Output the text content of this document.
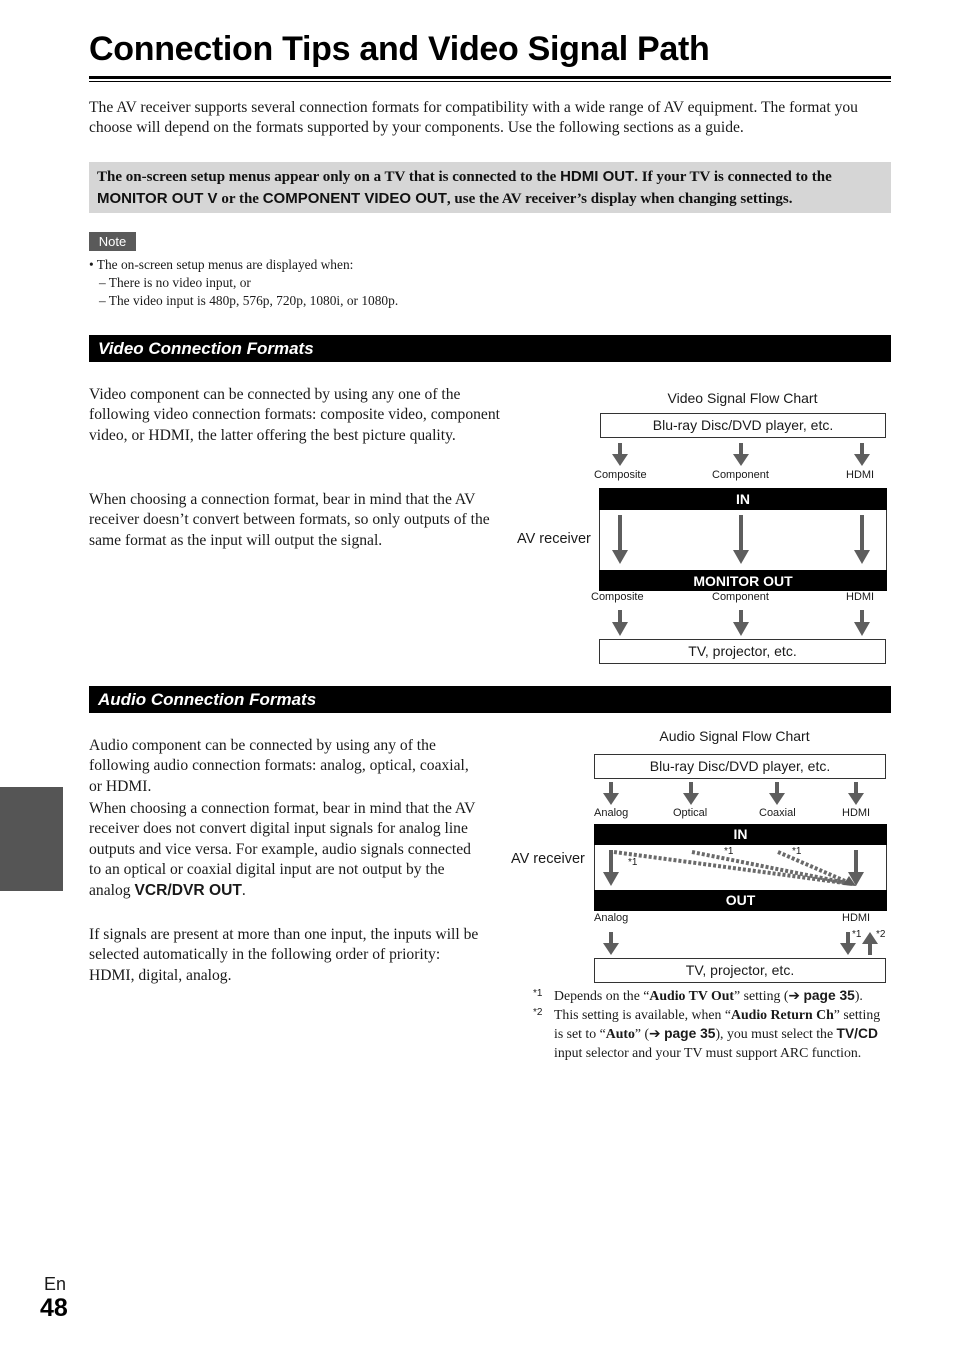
Connection Tips and Video Signal Path
The AV receiver supports several connection formats for compatibility with a wide range of AV equipment. The format you choose will depend on the formats supported by your components. Use the following sections as a guide.
The on-screen setup menus appear only on a TV that is connected to the HDMI OUT. If your TV is connected to the MONITOR OUT V or the COMPONENT VIDEO OUT, use the AV receiver’s display when changing settings.
Note
• The on-screen setup menus are displayed when:
– There is no video input, or
– The video input is 480p, 576p, 720p, 1080i, or 1080p.
Video Connection Formats
Video component can be connected by using any one of the following video connection formats: composite video, component video, or HDMI, the latter offering the best picture quality.
When choosing a connection format, bear in mind that the AV receiver doesn’t convert between formats, so only outputs of the same format as the input will output the signal.
Video Signal Flow Chart
Blu-ray Disc/DVD player, etc.
Composite	Component	HDMI
IN
MONITOR OUT
AV receiver
Composite	Component	HDMI
TV, projector, etc.
Audio Connection Formats
Audio component can be connected by using any of the following audio connection formats: analog, optical, coaxial, or HDMI.
When choosing a connection format, bear in mind that the AV receiver does not convert digital input signals for analog line outputs and vice versa. For example, audio signals connected to an optical or coaxial digital input are not output by the analog VCR/DVR OUT.
If signals are present at more than one input, the inputs will be selected automatically in the following order of priority: HDMI, digital, analog.
Audio Signal Flow Chart
Blu-ray Disc/DVD player, etc.
Analog	Optical	Coaxial	HDMI
IN
OUT
AV receiver	*1
*1	*1
Analog	HDMI
*1 *2
TV, projector, etc.
*1 Depends on the “Audio TV Out” setting (➔ page 35).
*2 This setting is available, when “Audio Return Ch” setting is set to “Auto” (➔ page 35), you must select the TV/CD input selector and your TV must support ARC function.
En
48
